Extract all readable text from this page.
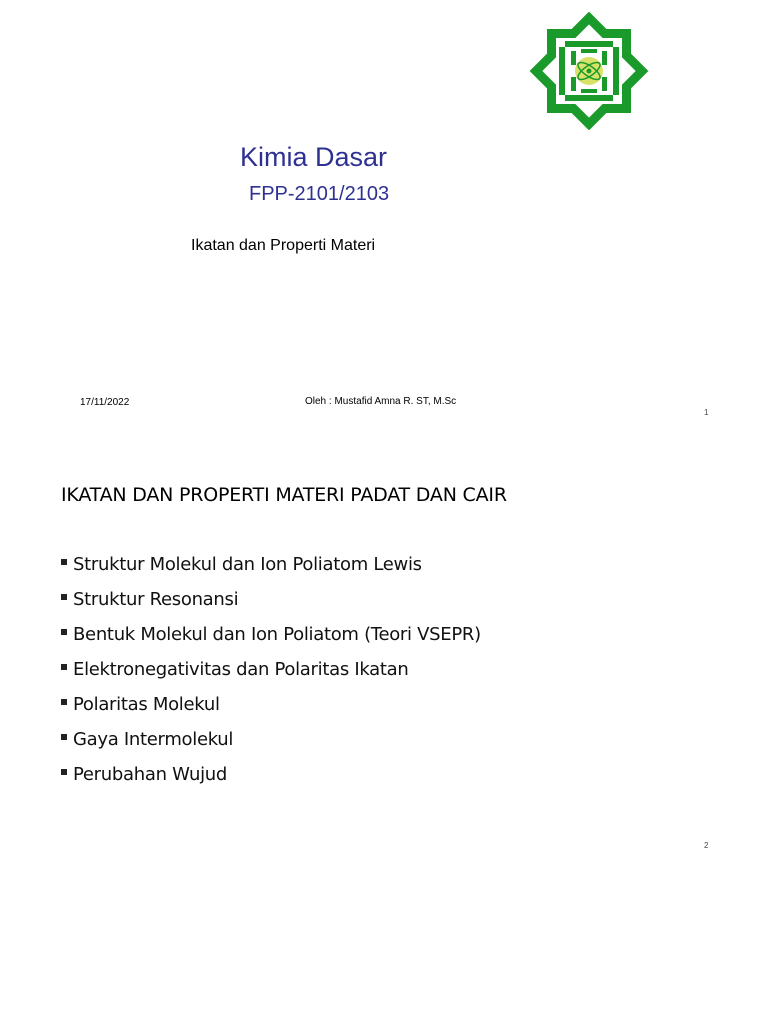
Kimia Dasar
FPP-2101/2103
Ikatan dan Properti Materi
17/11/2022	Oleh : Mustafid Amna R. ST, M.Sc
1
IKATAN DAN PROPERTI MATERI PADAT DAN CAIR
Struktur Molekul dan Ion Poliatom Lewis
Struktur Resonansi
Bentuk Molekul dan Ion Poliatom (Teori VSEPR)
Elektronegativitas dan Polaritas Ikatan
Polaritas Molekul
Gaya Intermolekul
Perubahan Wujud
2
